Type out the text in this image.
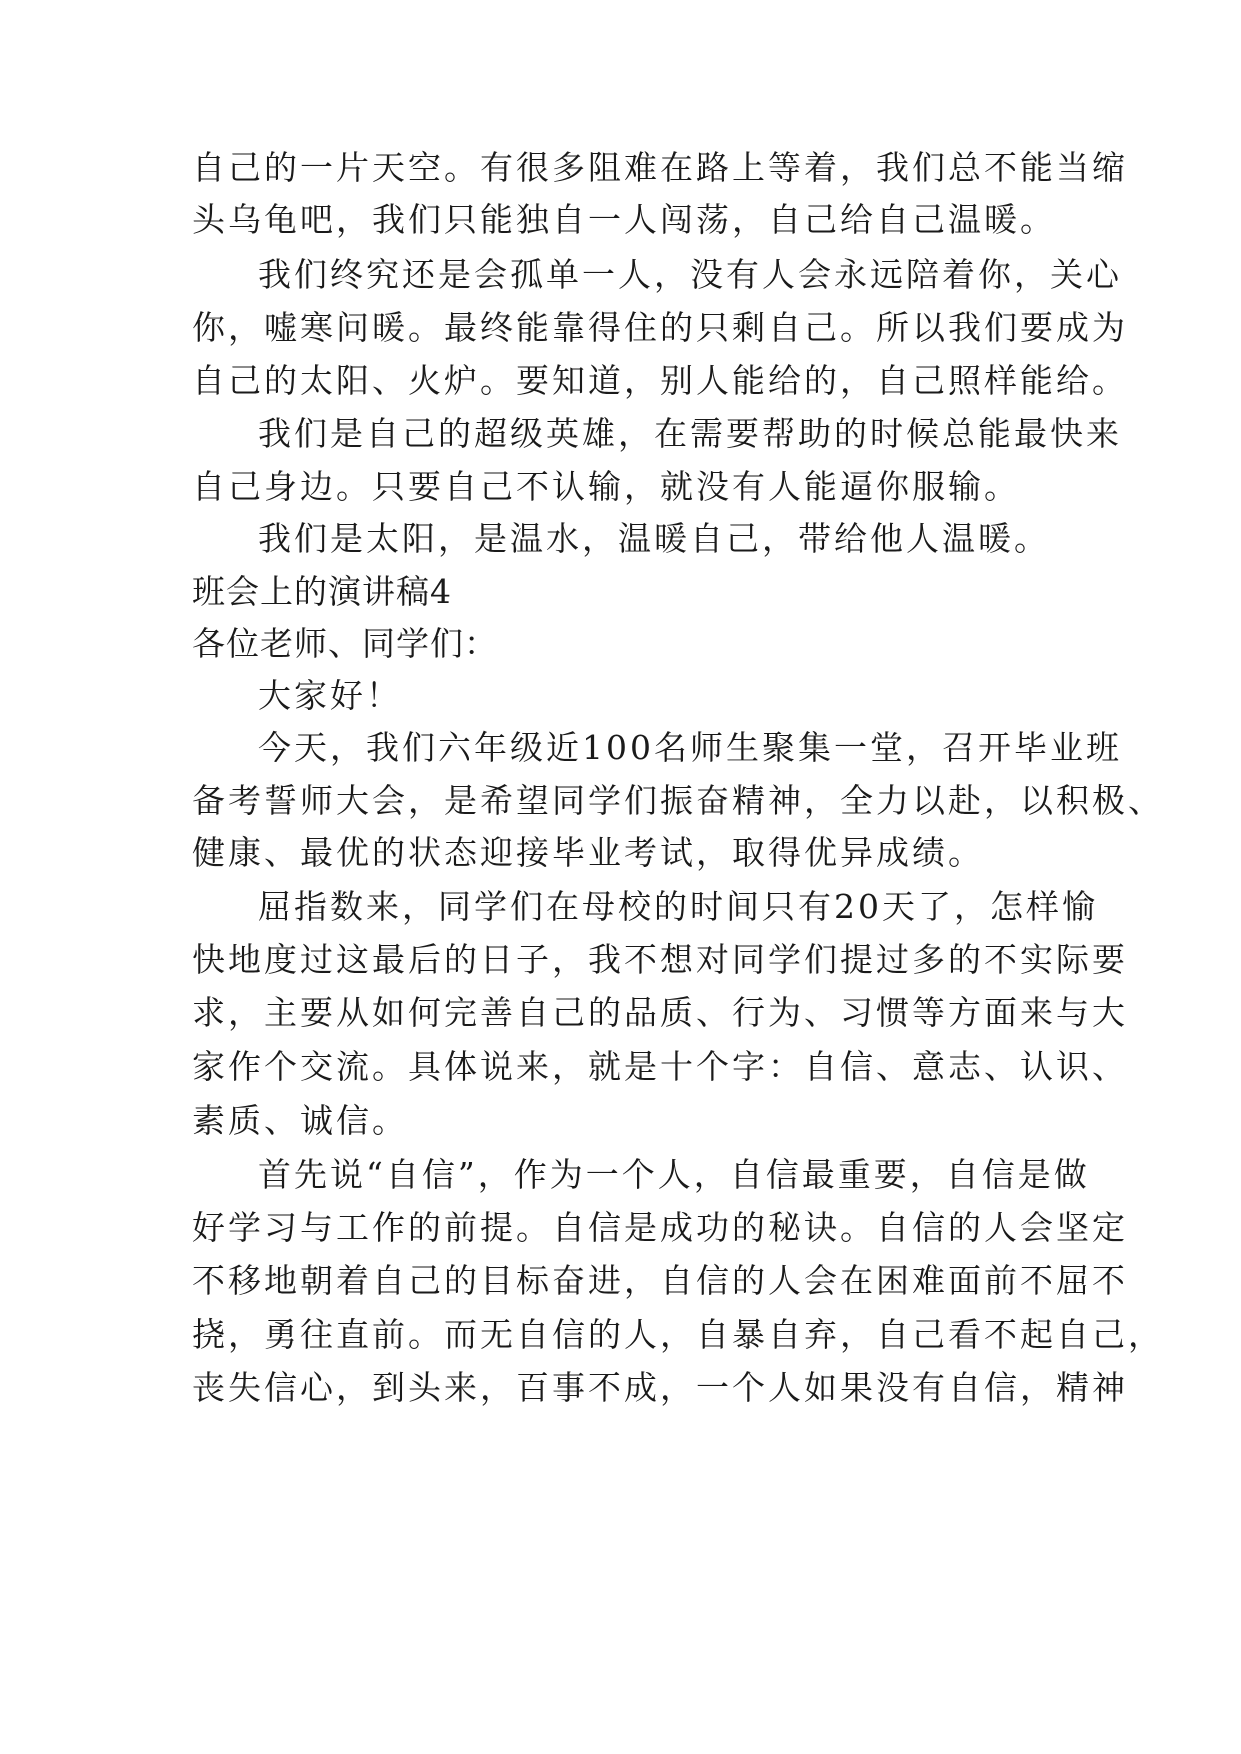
自己的一片天空。有很多阻难在路上等着，我们总不能当缩
头乌龟吧，我们只能独自一人闯荡，自己给自己温暖。
我们终究还是会孤单一人，没有人会永远陪着你，关心
你，嘘寒问暖。最终能靠得住的只剩自己。所以我们要成为
自己的太阳、火炉。要知道，别人能给的，自己照样能给。
我们是自己的超级英雄，在需要帮助的时候总能最快来
自己身边。只要自己不认输，就没有人能逼你服输。
我们是太阳，是温水，温暖自己，带给他人温暖。
班会上的演讲稿4
各位老师、同学们：
大家好！
今天，我们六年级近100名师生聚集一堂，召开毕业班
备考誓师大会，是希望同学们振奋精神，全力以赴，以积极、
健康、最优的状态迎接毕业考试，取得优异成绩。
屈指数来，同学们在母校的时间只有20天了，怎样愉
快地度过这最后的日子，我不想对同学们提过多的不实际要
求，主要从如何完善自己的品质、行为、习惯等方面来与大
家作个交流。具体说来，就是十个字：自信、意志、认识、
素质、诚信。
首先说“自信”，作为一个人，自信最重要，自信是做
好学习与工作的前提。自信是成功的秘诀。自信的人会坚定
不移地朝着自己的目标奋进，自信的人会在困难面前不屈不
挠，勇往直前。而无自信的人，自暴自弃，自己看不起自己，
丧失信心，到头来，百事不成，一个人如果没有自信，精神
